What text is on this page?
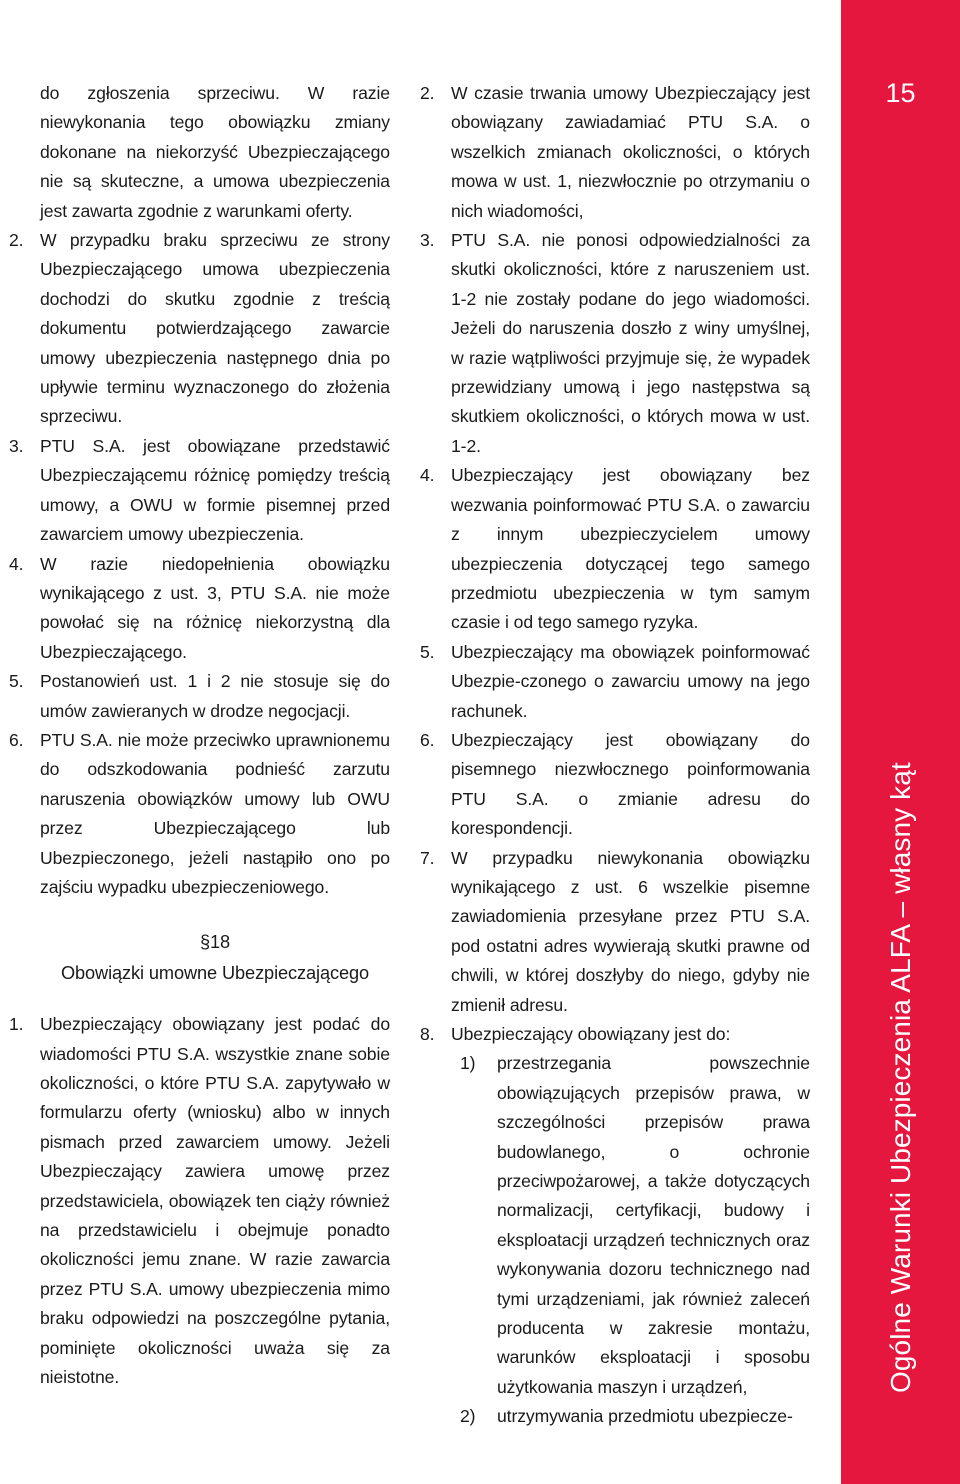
do zgłoszenia sprzeciwu. W razie niewykonania tego obowiązku zmiany dokonane na niekorzyść Ubezpieczającego nie są skuteczne, a umowa ubezpieczenia jest zawarta zgodnie z warunkami oferty.

2. W przypadku braku sprzeciwu ze strony Ubezpieczającego umowa ubezpieczenia dochodzi do skutku zgodnie z treścią dokumentu potwierdzającego zawarcie umowy ubezpieczenia następnego dnia po upływie terminu wyznaczonego do złożenia sprzeciwu.
3. PTU S.A. jest obowiązane przedstawić Ubezpieczającemu różnicę pomiędzy treścią umowy, a OWU w formie pisemnej przed zawarciem umowy ubezpieczenia.
4. W razie niedopełnienia obowiązku wynikającego z ust. 3, PTU S.A. nie może powołać się na różnicę niekorzystną dla Ubezpieczającego.
5. Postanowień ust. 1 i 2 nie stosuje się do umów zawieranych w drodze negocjacji.
6. PTU S.A. nie może przeciwko uprawnionemu do odszkodowania podnieść zarzutu naruszenia obowiązków umowy lub OWU przez Ubezpieczającego lub Ubezpieczonego, jeżeli nastąpiło ono po zajściu wypadku ubezpieczeniowego.
§18
Obowiązki umowne Ubezpieczającego
1. Ubezpieczający obowiązany jest podać do wiadomości PTU S.A. wszystkie znane sobie okoliczności, o które PTU S.A. zapytywało w formularzu oferty (wniosku) albo w innych pismach przed zawarciem umowy. Jeżeli Ubezpieczający zawiera umowę przez przedstawiciela, obowiązek ten ciąży również na przedstawicielu i obejmuje ponadto okoliczności jemu znane. W razie zawarcia przez PTU S.A. umowy ubezpieczenia mimo braku odpowiedzi na poszczególne pytania, pominięte okoliczności uważa się za nieistotne.
2. W czasie trwania umowy Ubezpieczający jest obowiązany zawiadamiać PTU S.A. o wszelkich zmianach okoliczności, o których mowa w ust. 1, niezwłocznie po otrzymaniu o nich wiadomości,
3. PTU S.A. nie ponosi odpowiedzialności za skutki okoliczności, które z naruszeniem ust. 1-2 nie zostały podane do jego wiadomości. Jeżeli do naruszenia doszło z winy umyślnej, w razie wątpliwości przyjmuje się, że wypadek przewidziany umową i jego następstwa są skutkiem okoliczności, o których mowa w ust. 1-2.
4. Ubezpieczający jest obowiązany bez wezwania poinformować PTU S.A. o zawarciu z innym ubezpieczycielem umowy ubezpieczenia dotyczącej tego samego przedmiotu ubezpieczenia w tym samym czasie i od tego samego ryzyka.
5. Ubezpieczający ma obowiązek poinformować Ubezpie-czonego o zawarciu umowy na jego rachunek.
6. Ubezpieczający jest obowiązany do pisemnego niezwłocznego poinformowania PTU S.A. o zmianie adresu do korespondencji.
7. W przypadku niewykonania obowiązku wynikającego z ust. 6 wszelkie pisemne zawiadomienia przesyłane przez PTU S.A. pod ostatni adres wywierają skutki prawne od chwili, w której doszłyby do niego, gdyby nie zmienił adresu.
8. Ubezpieczający obowiązany jest do:
1) przestrzegania powszechnie obowiązujących przepisów prawa, w szczególności przepisów prawa budowlanego, o ochronie przeciwpożarowej, a także dotyczących normalizacji, certyfikacji, budowy i eksploatacji urządzeń technicznych oraz wykonywania dozoru technicznego nad tymi urządzeniami, jak również zaleceń producenta w zakresie montażu, warunków eksploatacji i sposobu użytkowania maszyn i urządzeń,
2) utrzymywania przedmiotu ubezpiecze-
15
Ogólne Warunki Ubezpieczenia ALFA – własny kąt
